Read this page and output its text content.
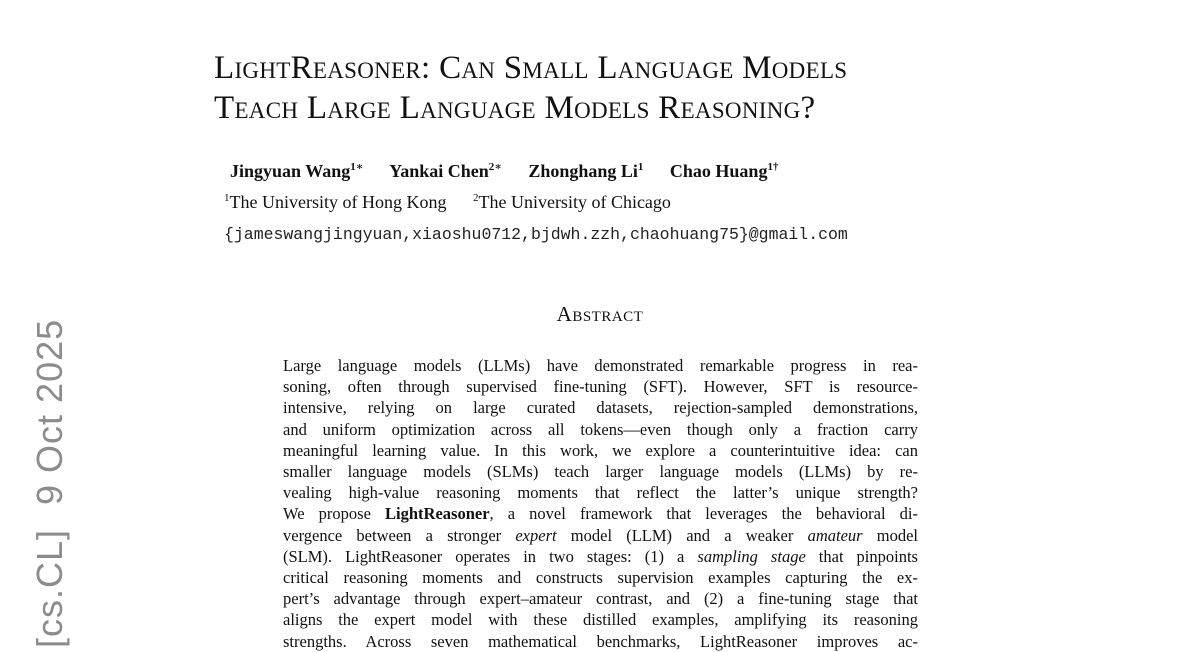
[cs.CL]9 Oct 2025
LightReasoner: Can Small Language Models
Teach Large Language Models Reasoning?
Jingyuan Wang$^{1∗}$ Yankai Chen$^{2∗}$ Zhonghang Li$^1$ Chao Huang$^{1\dagger}$
$^1$The University of Hong Kong $^2$The University of Chicago
{jameswangjingyuan,xiaoshu0712,bjdwh.zzh,chaohuang75}@gmail.com
Abstract
Large language models (LLMs) have demonstrated remarkable progress in rea-
soning, often through supervised fine-tuning (SFT). However, SFT is resource-
intensive, relying on large curated datasets, rejection-sampled demonstrations,
and uniform optimization across all tokens—even though only a fraction carry
meaningful learning value. In this work, we explore a counterintuitive idea: can
smaller language models (SLMs) teach larger language models (LLMs) by re-
vealing high-value reasoning moments that reflect the latter’s unique strength?
We propose LightReasoner, a novel framework that leverages the behavioral di-
vergence between a stronger expert model (LLM) and a weaker amateur model
(SLM). LightReasoner operates in two stages: (1) a sampling stage that pinpoints
critical reasoning moments and constructs supervision examples capturing the ex-
pert’s advantage through expert–amateur contrast, and (2) a fine-tuning stage that
aligns the expert model with these distilled examples, amplifying its reasoning
strengths. Across seven mathematical benchmarks, LightReasoner improves ac-
